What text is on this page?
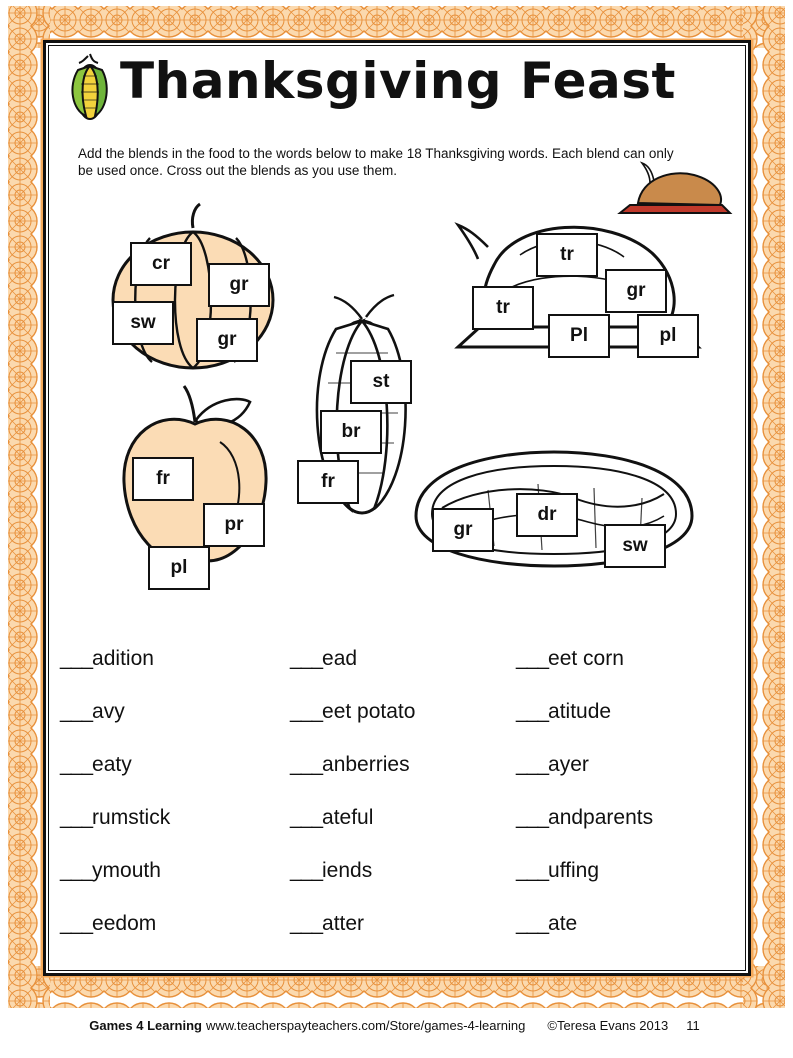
Thanksgiving Feast
Add the blends in the food to the words below to make 18 Thanksgiving words. Each blend can only be used once. Cross out the blends as you use them.
cr
gr
sw
gr
tr
gr
tr
Pl	pl
st
br
fr
fr
pr
pl
gr
dr
sw
___adition
___avy
___eaty
___rumstick
___ymouth
___eedom
___ead
___eet potato
___anberries
___ateful
___iends
___atter
___eet corn
___atitude
___ayer
___andparents
___uffing
___ate
Games 4 Learning www.teacherspayteachers.com/Store/games-4-learning ©Teresa Evans 2013 11
